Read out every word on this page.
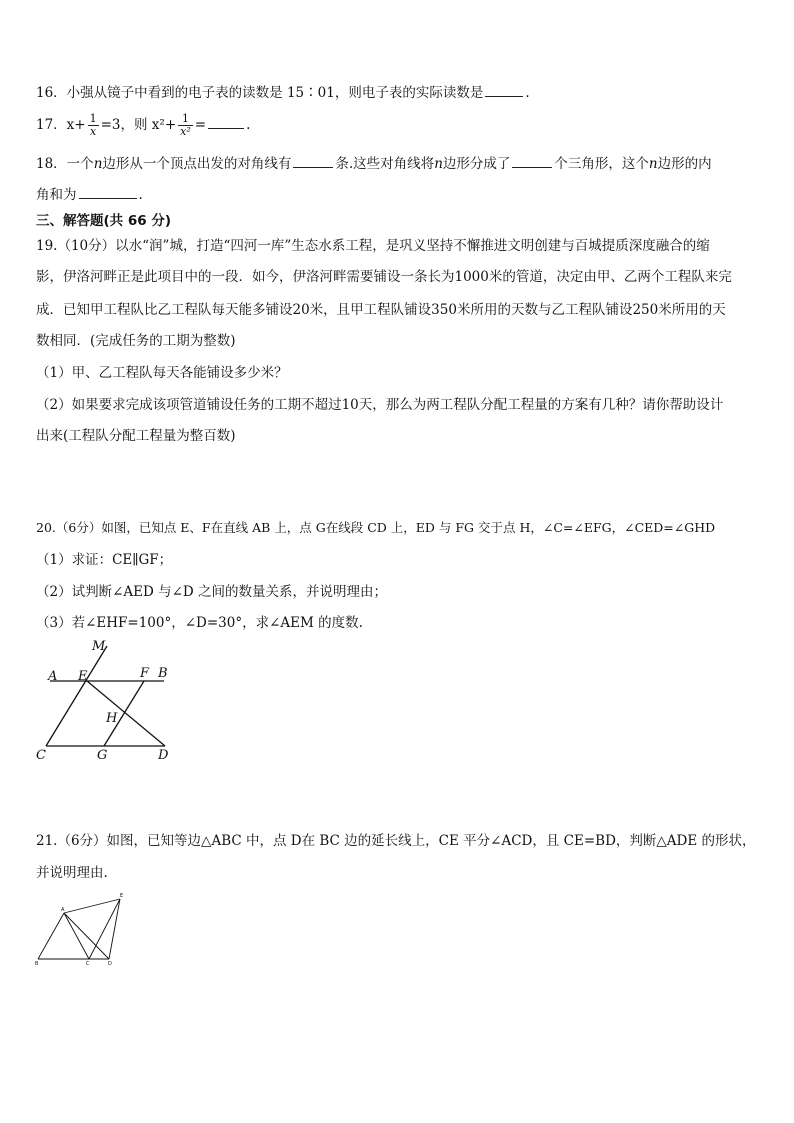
16．小强从镜子中看到的电子表的读数是 15∶01，则电子表的实际读数是	.
17．$x+ \frac{1}{x} =3$，则 $x^2+ \frac{1}{\text{x²}}$ =	.
18．一个n边形从一个顶点出发的对角线有	条.这些对角线将n边形分成了	个三角形，这个n边形的内
角和为	.
三、解答题(共 66 分)
19.（10分）以水“润”城，打造“四河一库”生态水系工程，是巩义坚持不懈推进文明创建与百城提质深度融合的缩
影，伊洛河畔正是此项目中的一段．如今，伊洛河畔需要铺设一条长为1000米的管道，决定由甲、乙两个工程队来完
成．已知甲工程队比乙工程队每天能多铺设20米，且甲工程队铺设350米所用的天数与乙工程队铺设250米所用的天
数相同．(完成任务的工期为整数)
（1）甲、乙工程队每天各能铺设多少米？
（2）如果要求完成该项管道铺设任务的工期不超过10天，那么为两工程队分配工程量的方案有几种？请你帮助设计
出来(工程队分配工程量为整百数)
20.（6分）如图，已知点 E、F在直线 AB 上，点 G在线段 CD 上，ED 与 FG 交于点 H，∠C=∠EFG，∠CED=∠GHD
（1）求证：CE∥GF；
（2）试判断∠AED 与∠D 之间的数量关系，并说明理由；
（3）若∠EHF=100°，∠D=30°，求∠AEM 的度数.
M
A E	F B
H
C	G	D
21.（6分）如图，已知等边△ABC 中，点 D在 BC 边的延长线上，CE 平分∠ACD，且 CE=BD，判断△ADE 的形状，
并说明理由.
A
B	C	D
E
